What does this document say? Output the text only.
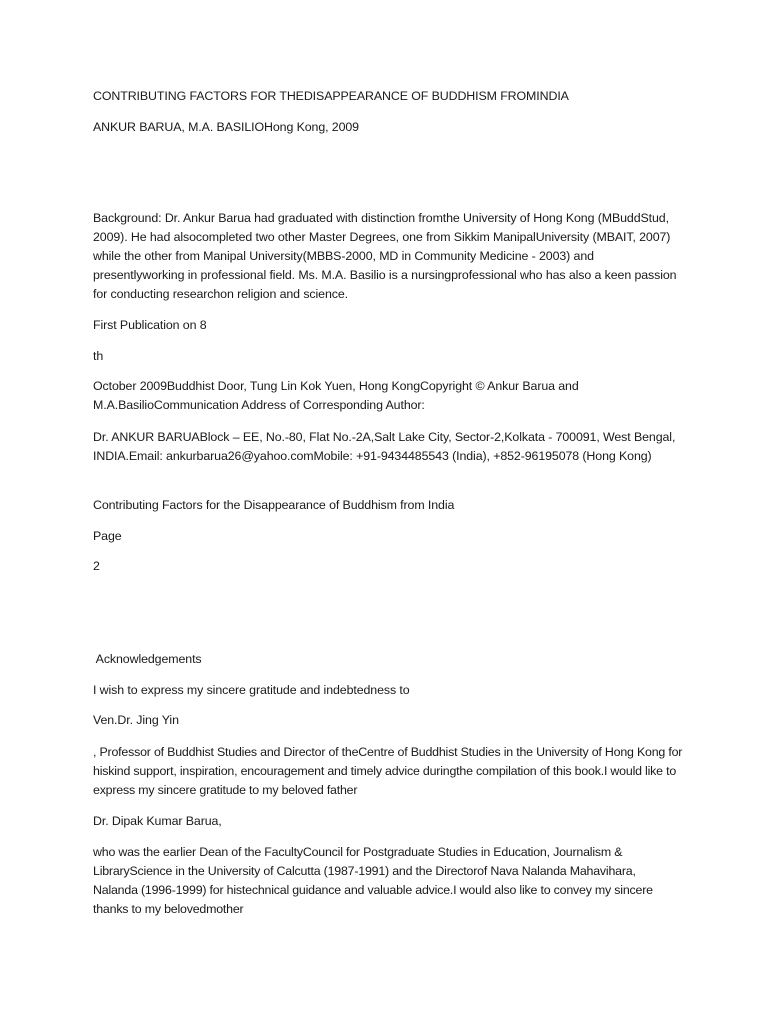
CONTRIBUTING FACTORS FOR THEDISAPPEARANCE OF BUDDHISM FROMINDIA

ANKUR BARUA, M.A. BASILIOHong Kong, 2009

Background: Dr. Ankur Barua had graduated with distinction fromthe University of Hong Kong (MBuddStud, 2009). He had alsocompleted two other Master Degrees, one from Sikkim ManipalUniversity (MBAIT, 2007) while the other from Manipal University(MBBS-2000, MD in Community Medicine - 2003) and presentlyworking in professional field. Ms. M.A. Basilio is a nursingprofessional who has also a keen passion for conducting researchon religion and science.

First Publication on 8

th

October 2009Buddhist Door, Tung Lin Kok Yuen, Hong KongCopyright © Ankur Barua and M.A.BasilioCommunication Address of Corresponding Author:

Dr. ANKUR BARUABlock – EE, No.-80, Flat No.-2A,Salt Lake City, Sector-2,Kolkata - 700091, West Bengal, INDIA.Email: ankurbarua26@yahoo.comMobile: +91-9434485543 (India), +852-96195078 (Hong Kong)

Contributing Factors for the Disappearance of Buddhism from India

Page

2

Acknowledgements

I wish to express my sincere gratitude and indebtedness to

Ven.Dr. Jing Yin

, Professor of Buddhist Studies and Director of theCentre of Buddhist Studies in the University of Hong Kong for hiskind support, inspiration, encouragement and timely advice duringthe compilation of this book.I would like to express my sincere gratitude to my beloved father

Dr. Dipak Kumar Barua,

who was the earlier Dean of the FacultyCouncil for Postgraduate Studies in Education, Journalism & LibraryScience in the University of Calcutta (1987-1991) and the Directorof Nava Nalanda Mahavihara, Nalanda (1996-1999) for histechnical guidance and valuable advice.I would also like to convey my sincere thanks to my belovedmother
